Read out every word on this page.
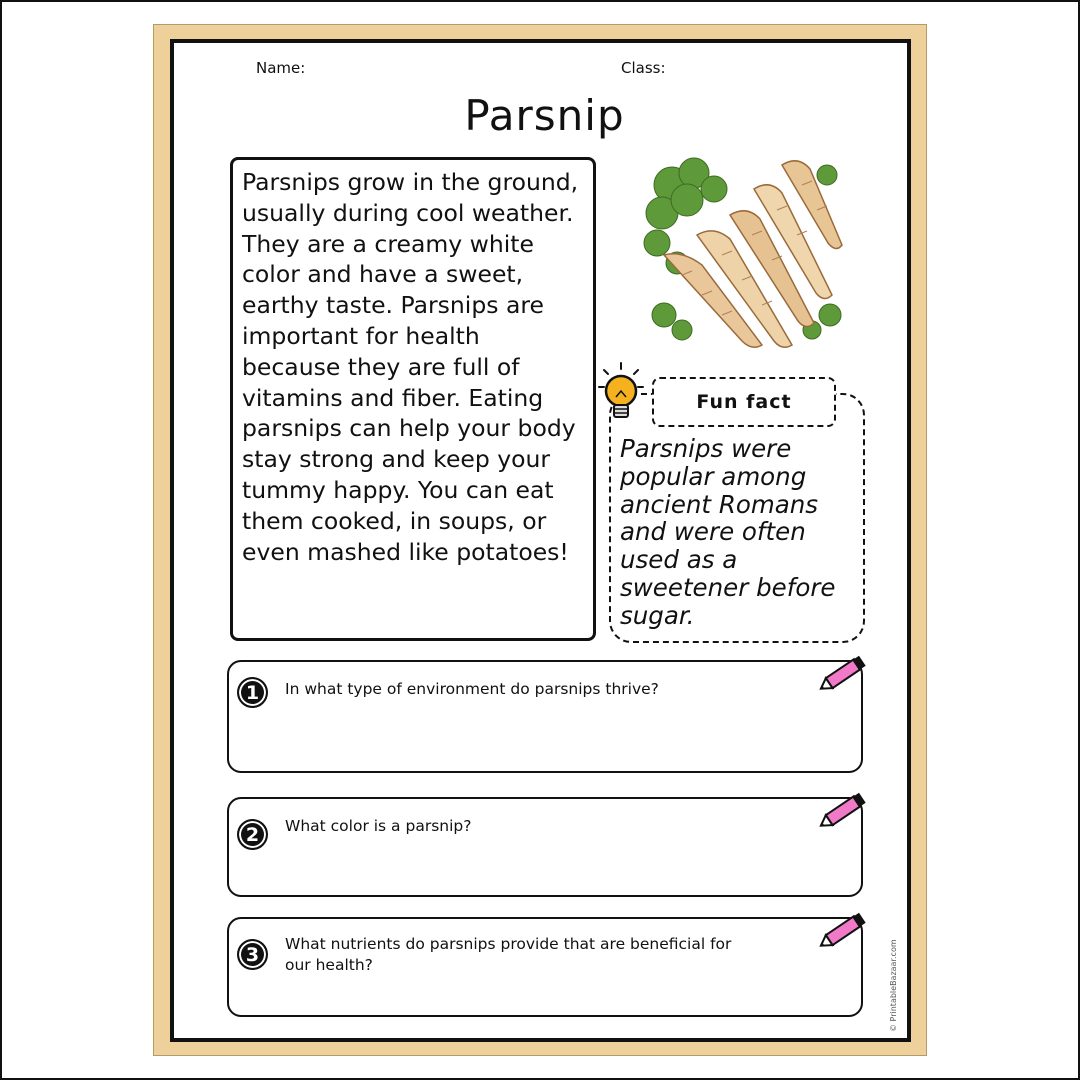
Name:	Class:
Parsnip
Parsnips grow in the ground, usually during cool weather. They are a creamy white color and have a sweet, earthy taste. Parsnips are important for health because they are full of vitamins and fiber. Eating parsnips can help your body stay strong and keep your tummy happy. You can eat them cooked, in soups, or even mashed like potatoes!
Fun fact
Parsnips were popular among ancient Romans and were often used as a sweetener before sugar.
1	In what type of environment do parsnips thrive?
2	What color is a parsnip?
3	What nutrients do parsnips provide that are beneficial for our health?	© PrintableBazaar.com
